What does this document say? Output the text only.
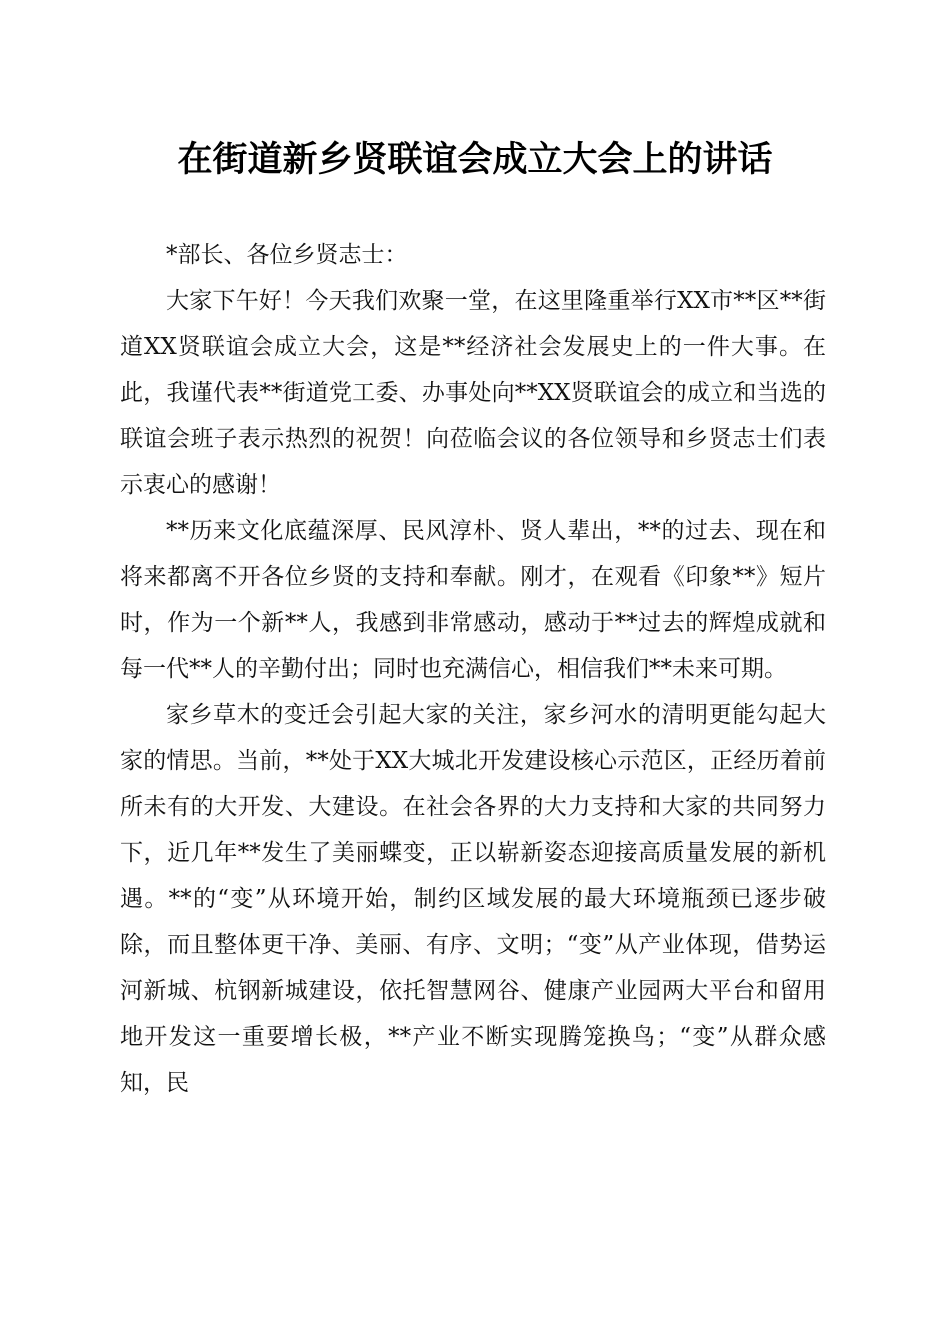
在街道新乡贤联谊会成立大会上的讲话

*部长、各位乡贤志士：

大家下午好！今天我们欢聚一堂，在这里隆重举行XX市**区**街道XX贤联谊会成立大会，这是**经济社会发展史上的一件大事。在此，我谨代表**街道党工委、办事处向**XX贤联谊会的成立和当选的联谊会班子表示热烈的祝贺！向莅临会议的各位领导和乡贤志士们表示衷心的感谢！

**历来文化底蕴深厚、民风淳朴、贤人辈出，**的过去、现在和将来都离不开各位乡贤的支持和奉献。刚才，在观看《印象**》短片时，作为一个新**人，我感到非常感动，感动于**过去的辉煌成就和每一代**人的辛勤付出；同时也充满信心，相信我们**未来可期。

家乡草木的变迁会引起大家的关注，家乡河水的清明更能勾起大家的情思。当前，**处于XX大城北开发建设核心示范区，正经历着前所未有的大开发、大建设。在社会各界的大力支持和大家的共同努力下，近几年**发生了美丽蝶变，正以崭新姿态迎接高质量发展的新机遇。**的“变”从环境开始，制约区域发展的最大环境瓶颈已逐步破除，而且整体更干净、美丽、有序、文明；“变”从产业体现，借势运河新城、杭钢新城建设，依托智慧网谷、健康产业园两大平台和留用地开发这一重要增长极，**产业不断实现腾笼换鸟；“变”从群众感知，民
